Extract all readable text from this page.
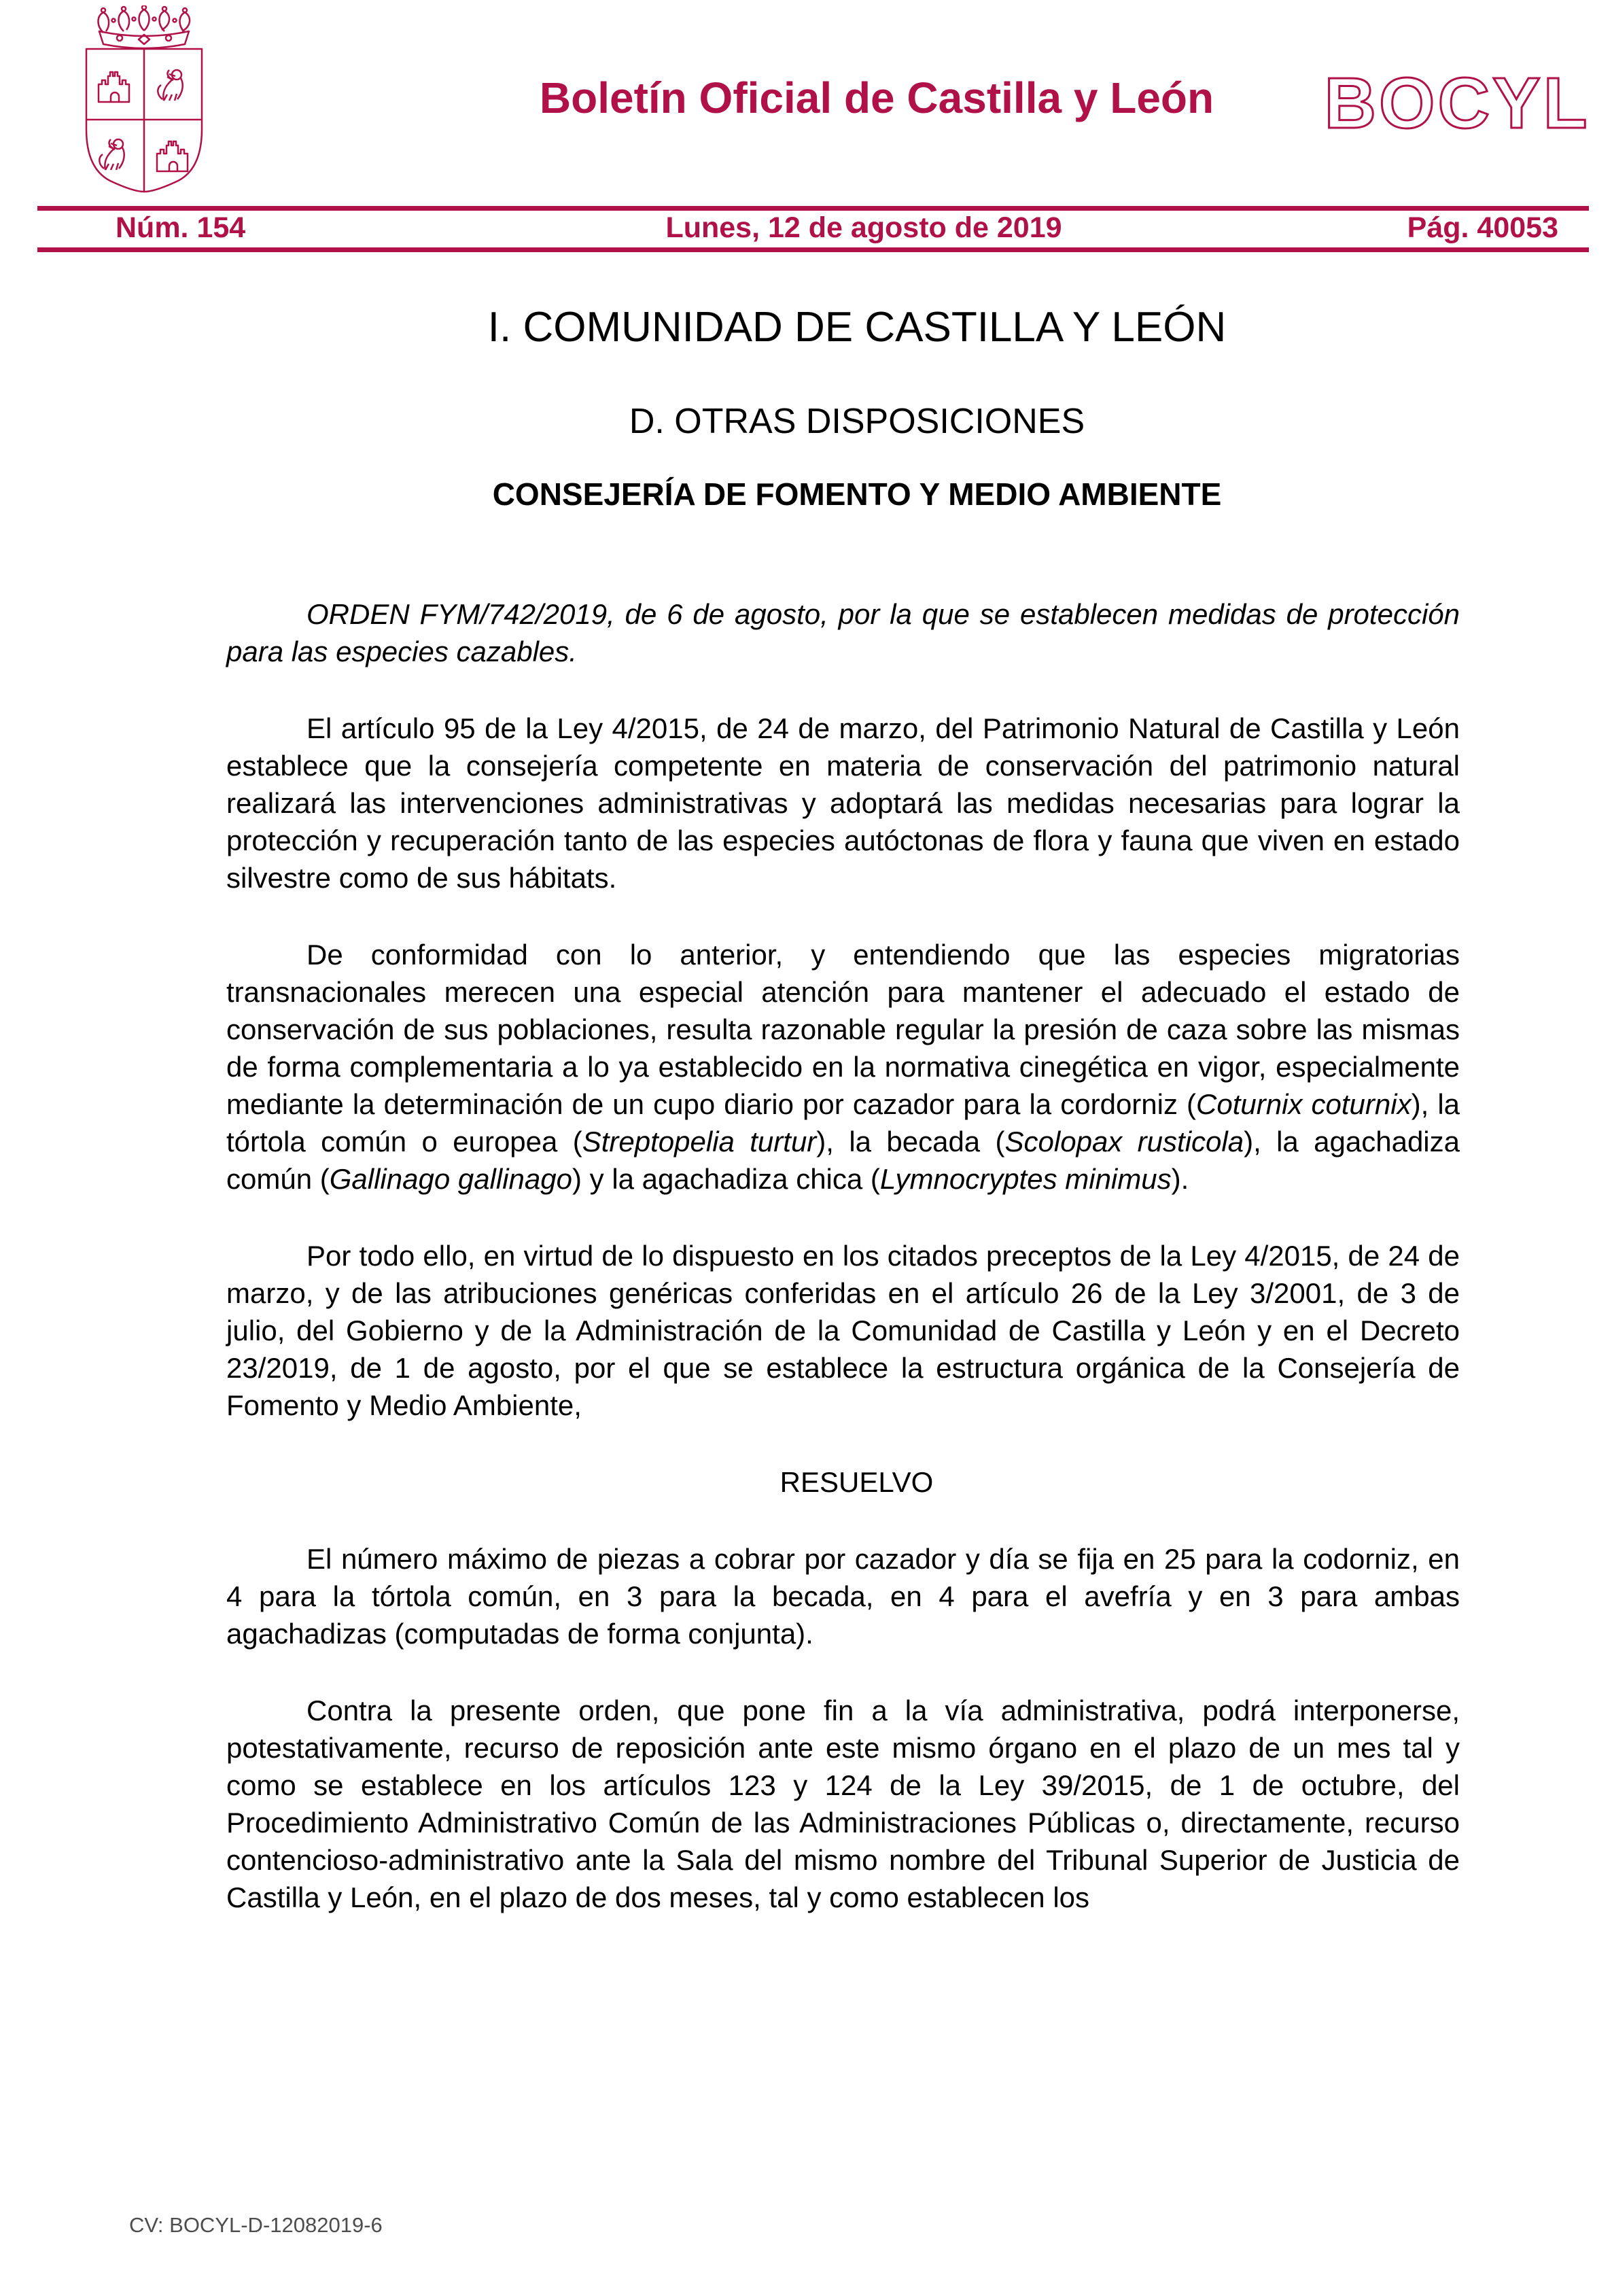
Boletín Oficial de Castilla y León	BOCYL
Núm. 154	Lunes, 12 de agosto de 2019	Pág. 40053
I. COMUNIDAD DE CASTILLA Y LEÓN
D. OTRAS DISPOSICIONES
CONSEJERÍA DE FOMENTO Y MEDIO AMBIENTE

ORDEN FYM/742/2019, de 6 de agosto, por la que se establecen medidas de protección para las especies cazables.

El artículo 95 de la Ley 4/2015, de 24 de marzo, del Patrimonio Natural de Castilla y León establece que la consejería competente en materia de conservación del patrimonio natural realizará las intervenciones administrativas y adoptará las medidas necesarias para lograr la protección y recuperación tanto de las especies autóctonas de flora y fauna que viven en estado silvestre como de sus hábitats.

De conformidad con lo anterior, y entendiendo que las especies migratorias transnacionales merecen una especial atención para mantener el adecuado el estado de conservación de sus poblaciones, resulta razonable regular la presión de caza sobre las mismas de forma complementaria a lo ya establecido en la normativa cinegética en vigor, especialmente mediante la determinación de un cupo diario por cazador para la cordorniz (Coturnix coturnix), la tórtola común o europea (Streptopelia turtur), la becada (Scolopax rusticola), la agachadiza común (Gallinago gallinago) y la agachadiza chica (Lymnocryptes minimus).

Por todo ello, en virtud de lo dispuesto en los citados preceptos de la Ley 4/2015, de 24 de marzo, y de las atribuciones genéricas conferidas en el artículo 26 de la Ley 3/2001, de 3 de julio, del Gobierno y de la Administración de la Comunidad de Castilla y León y en el Decreto 23/2019, de 1 de agosto, por el que se establece la estructura orgánica de la Consejería de Fomento y Medio Ambiente,

RESUELVO

El número máximo de piezas a cobrar por cazador y día se fija en 25 para la codorniz, en 4 para la tórtola común, en 3 para la becada, en 4 para el avefría y en 3 para ambas agachadizas (computadas de forma conjunta).

Contra la presente orden, que pone fin a la vía administrativa, podrá interponerse, potestativamente, recurso de reposición ante este mismo órgano en el plazo de un mes tal y como se establece en los artículos 123 y 124 de la Ley 39/2015, de 1 de octubre, del Procedimiento Administrativo Común de las Administraciones Públicas o, directamente, recurso contencioso-administrativo ante la Sala del mismo nombre del Tribunal Superior de Justicia de Castilla y León, en el plazo de dos meses, tal y como establecen los

CV: BOCYL-D-12082019-6
